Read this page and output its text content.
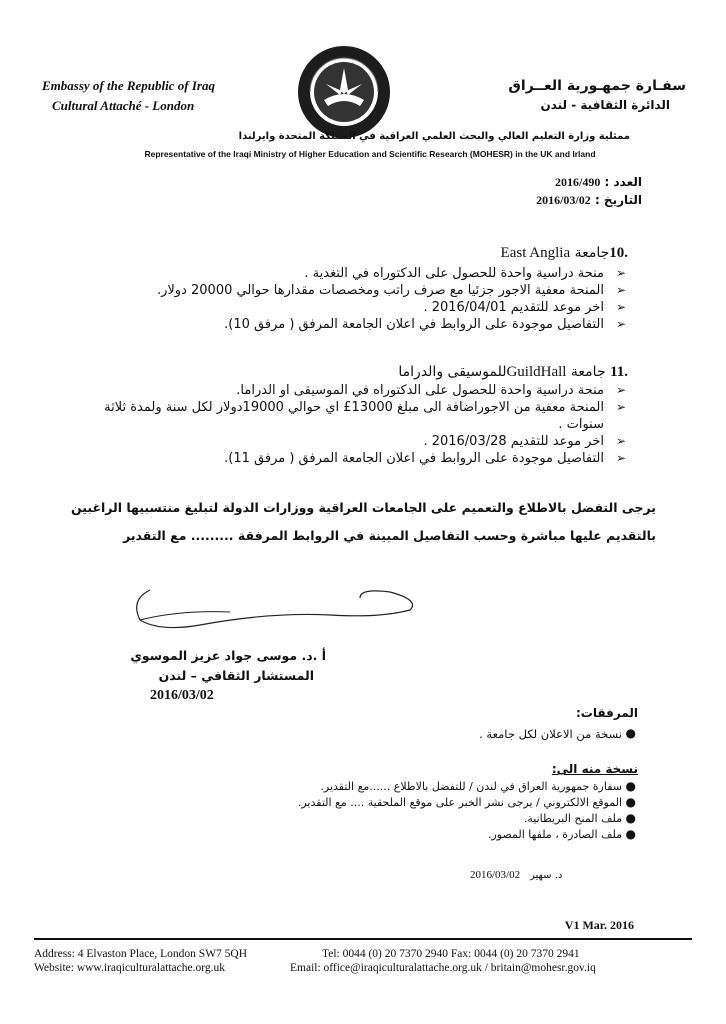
Embassy of the Republic of Iraq
Cultural Attaché - London
سفـارة جمهـورية العــراق
الدائرة الثقافية - لندن
ممثلية وزارة التعليم العالي والبحث العلمي العراقية في المملكة المتحدة وايرلندا
Representative of the Iraqi Ministry of Higher Education and Scientific Research (MOHESR) in the UK and Irland
العدد : 2016/490
التاريخ : 2016/03/02
.10جامعة East Anglia
➢
منحة دراسية واحدة للحصول على الدكتوراه في التغدية .
➢
المنحة معفية الاجور جزئيا مع صرف راتب ومخصصات مقدارها حوالي 20000 دولار.
➢
اخر موعد للتقديم 2016/04/01 .
➢
التفاصيل موجودة على الروابط في اعلان الجامعة المرفق ( مرفق 10).
.11 جامعة GuildHallللموسيقى والدراما
➢
منحة دراسية واحدة للحصول على الدكتوراه في الموسيقى او الدراما.
➢
المنحة معفية من الاجوراضافة الى مبلغ 13000£ اي حوالي 19000دولار لكل سنة ولمدة ثلاثة سنوات .
➢
اخر موعد للتقديم 2016/03/28 .
➢
التفاصيل موجودة على الروابط في اعلان الجامعة المرفق ( مرفق 11).
يرجى التفضل بالاطلاع والتعميم على الجامعات العراقية ووزارات الدولة لتبليغ منتسبيها الراغبين
بالتقديم عليها مباشرة وحسب التفاصيل المبينة في الروابط المرفقة ......... مع التقدير
أ .د. موسى جواد عزيز الموسوي
المستشار الثقافي – لندن
2016/03/02
المرفقات:
●
نسخة من الاعلان لكل جامعة .
نسخة منه الى:
●
سفارة جمهورية العراق في لندن / للتفضل بالاطلاع ......مع التقدير.
●
الموقع الالكتروني / يرجى نشر الخبر على موقع الملحقية .... مع التقدير.
●
ملف المنح البريطانية.
●
ملف الصادرة ، ملفها المصور.
د. سهير
2016/03/02
V1 Mar. 2016
Address: 4 Elvaston Place, London SW7 5QH
Website: www.iraqiculturalattache.org.uk
Tel: 0044 (0) 20 7370 2940 Fax: 0044 (0) 20 7370 2941
Email: office@iraqiculturalattache.org.uk / britain@mohesr.gov.iq
